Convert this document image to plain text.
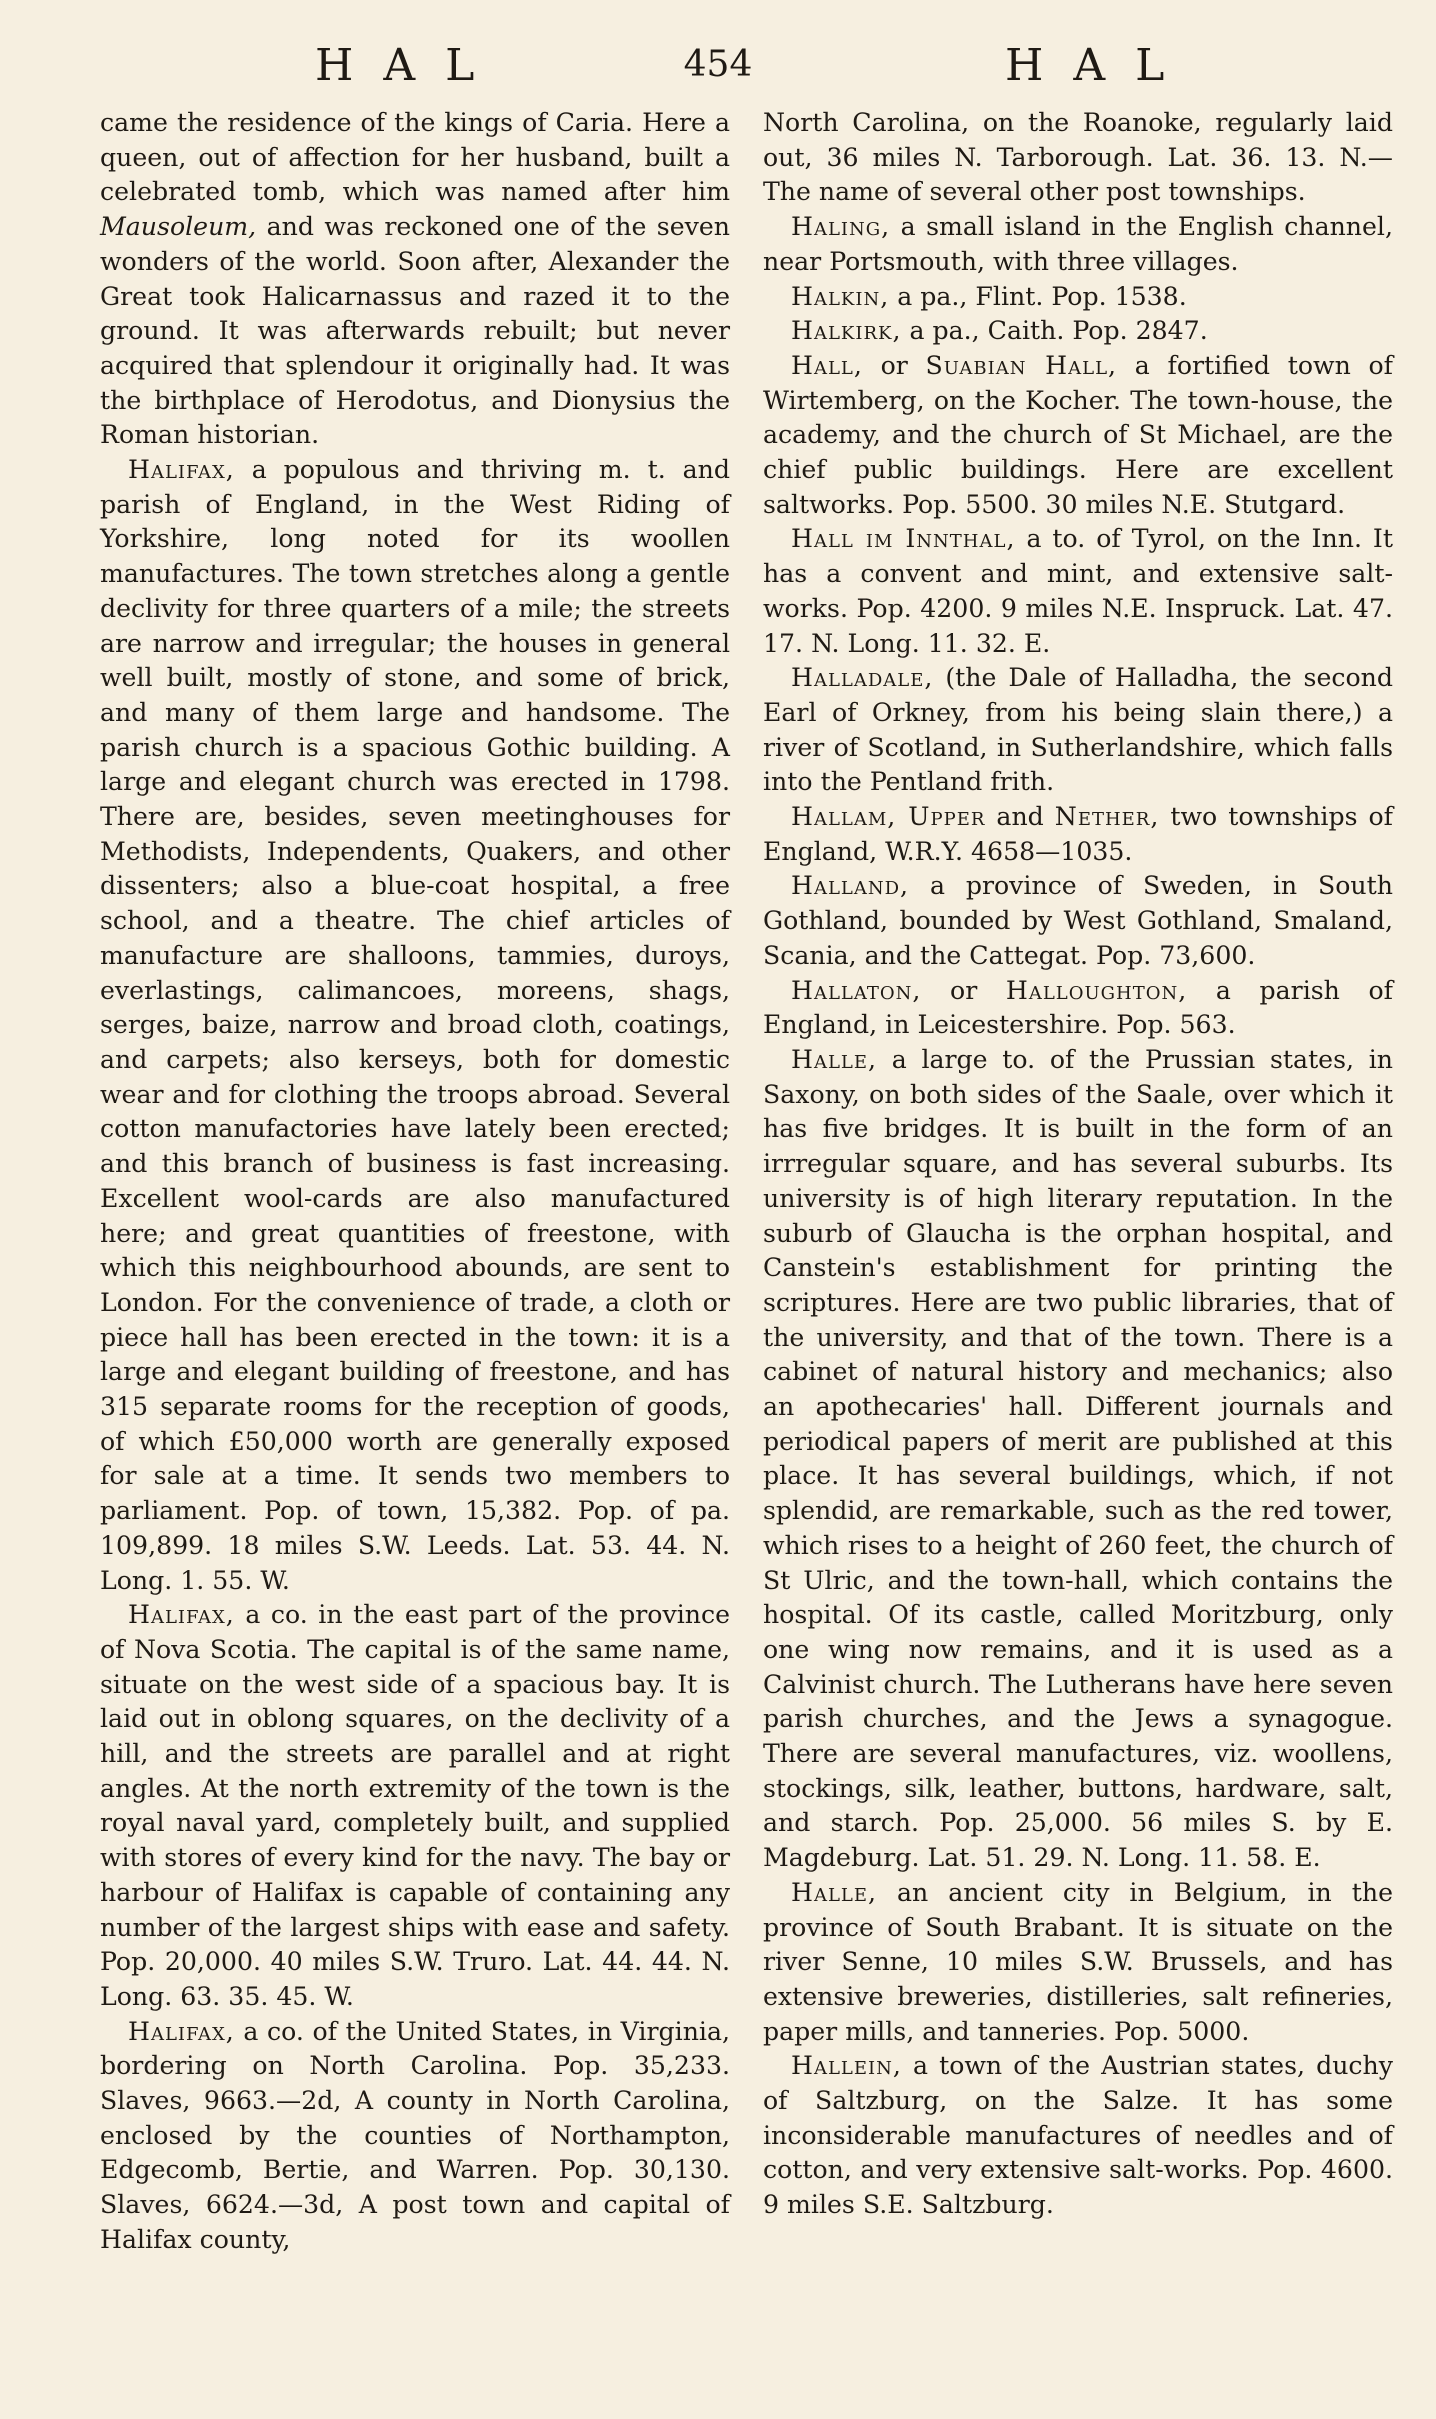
HAL	454	HAL

came the residence of the kings of Caria. Here a queen, out of affection for her husband, built a celebrated tomb, which was named after him Mausoleum, and was reckoned one of the seven wonders of the world. Soon after, Alexander the Great took Halicarnassus and razed it to the ground. It was afterwards rebuilt; but never acquired that splendour it originally had. It was the birthplace of Herodotus, and Dionysius the Roman historian.

Halifax, a populous and thriving m. t. and parish of England, in the West Riding of Yorkshire, long noted for its woollen manufactures. The town stretches along a gentle declivity for three quarters of a mile; the streets are narrow and irregular; the houses in general well built, mostly of stone, and some of brick, and many of them large and handsome. The parish church is a spacious Gothic building. A large and elegant church was erected in 1798. There are, besides, seven meetinghouses for Methodists, Independents, Quakers, and other dissenters; also a blue-coat hospital, a free school, and a theatre. The chief articles of manufacture are shalloons, tammies, duroys, everlastings, calimancoes, moreens, shags, serges, baize, narrow and broad cloth, coatings, and carpets; also kerseys, both for domestic wear and for clothing the troops abroad. Several cotton manufactories have lately been erected; and this branch of business is fast increasing. Excellent wool-cards are also manufactured here; and great quantities of freestone, with which this neighbourhood abounds, are sent to London. For the convenience of trade, a cloth or piece hall has been erected in the town: it is a large and elegant building of freestone, and has 315 separate rooms for the reception of goods, of which £50,000 worth are generally exposed for sale at a time. It sends two members to parliament. Pop. of town, 15,382. Pop. of pa. 109,899. 18 miles S.W. Leeds. Lat. 53. 44. N. Long. 1. 55. W.

Halifax, a co. in the east part of the province of Nova Scotia. The capital is of the same name, situate on the west side of a spacious bay. It is laid out in oblong squares, on the declivity of a hill, and the streets are parallel and at right angles. At the north extremity of the town is the royal naval yard, completely built, and supplied with stores of every kind for the navy. The bay or harbour of Halifax is capable of containing any number of the largest ships with ease and safety. Pop. 20,000. 40 miles S.W. Truro. Lat. 44. 44. N. Long. 63. 35. 45. W.

Halifax, a co. of the United States, in Virginia, bordering on North Carolina. Pop. 35,233. Slaves, 9663.—2d, A county in North Carolina, enclosed by the counties of Northampton, Edgecomb, Bertie, and Warren. Pop. 30,130. Slaves, 6624.—3d, A post town and capital of Halifax county,

North Carolina, on the Roanoke, regularly laid out, 36 miles N. Tarborough. Lat. 36. 13. N.—The name of several other post townships.

Haling, a small island in the English channel, near Portsmouth, with three villages.

Halkin, a pa., Flint. Pop. 1538.

Halkirk, a pa., Caith. Pop. 2847.

Hall, or Suabian Hall, a fortified town of Wirtemberg, on the Kocher. The town-house, the academy, and the church of St Michael, are the chief public buildings. Here are excellent saltworks. Pop. 5500. 30 miles N.E. Stutgard.

Hall im Innthal, a to. of Tyrol, on the Inn. It has a convent and mint, and extensive salt-works. Pop. 4200. 9 miles N.E. Inspruck. Lat. 47. 17. N. Long. 11. 32. E.

Halladale, (the Dale of Halladha, the second Earl of Orkney, from his being slain there,) a river of Scotland, in Sutherlandshire, which falls into the Pentland frith.

Hallam, Upper and Nether, two townships of England, W.R.Y. 4658—1035.

Halland, a province of Sweden, in South Gothland, bounded by West Gothland, Smaland, Scania, and the Cattegat. Pop. 73,600.

Hallaton, or Halloughton, a parish of England, in Leicestershire. Pop. 563.

Halle, a large to. of the Prussian states, in Saxony, on both sides of the Saale, over which it has five bridges. It is built in the form of an irrregular square, and has several suburbs. Its university is of high literary reputation. In the suburb of Glaucha is the orphan hospital, and Canstein's establishment for printing the scriptures. Here are two public libraries, that of the university, and that of the town. There is a cabinet of natural history and mechanics; also an apothecaries' hall. Different journals and periodical papers of merit are published at this place. It has several buildings, which, if not splendid, are remarkable, such as the red tower, which rises to a height of 260 feet, the church of St Ulric, and the town-hall, which contains the hospital. Of its castle, called Moritzburg, only one wing now remains, and it is used as a Calvinist church. The Lutherans have here seven parish churches, and the Jews a synagogue. There are several manufactures, viz. woollens, stockings, silk, leather, buttons, hardware, salt, and starch. Pop. 25,000. 56 miles S. by E. Magdeburg. Lat. 51. 29. N. Long. 11. 58. E.

Halle, an ancient city in Belgium, in the province of South Brabant. It is situate on the river Senne, 10 miles S.W. Brussels, and has extensive breweries, distilleries, salt refineries, paper mills, and tanneries. Pop. 5000.

Hallein, a town of the Austrian states, duchy of Saltzburg, on the Salze. It has some inconsiderable manufactures of needles and of cotton, and very extensive salt-works. Pop. 4600. 9 miles S.E. Saltzburg.
